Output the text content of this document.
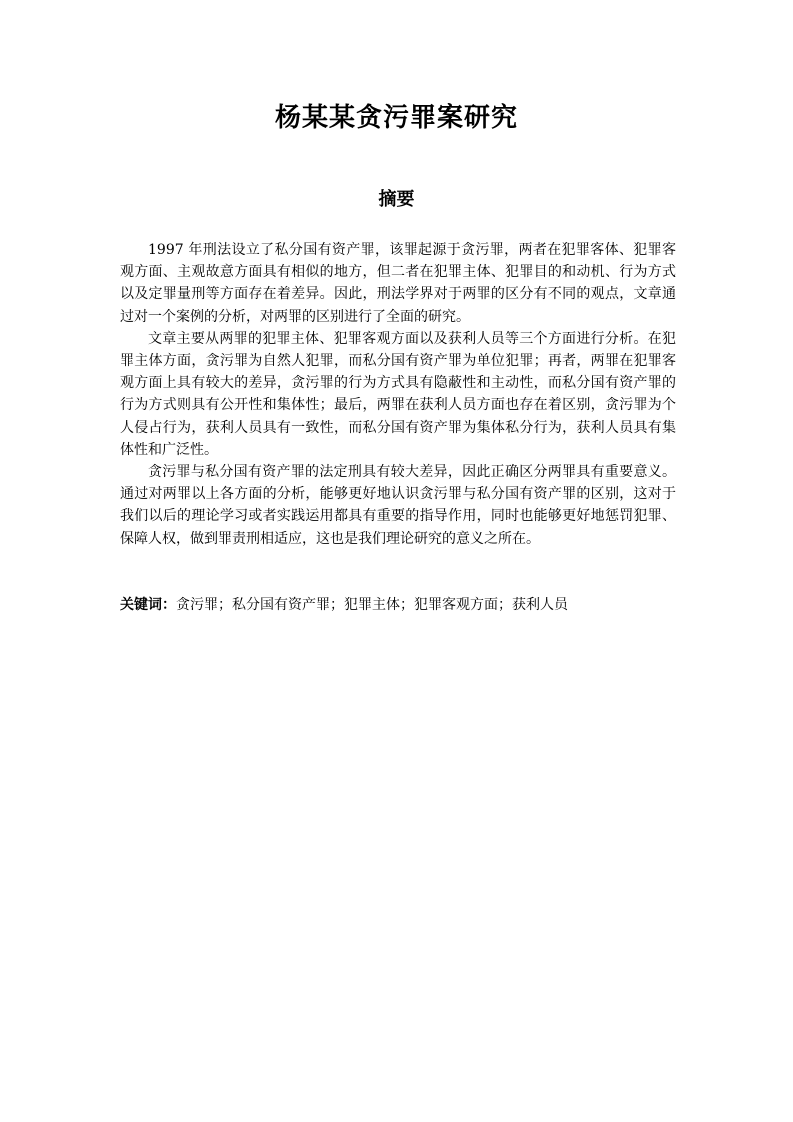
杨某某贪污罪案研究
摘要

1997 年刑法设立了私分国有资产罪，该罪起源于贪污罪，两者在犯罪客体、犯罪客观方面、主观故意方面具有相似的地方，但二者在犯罪主体、犯罪目的和动机、行为方式以及定罪量刑等方面存在着差异。因此，刑法学界对于两罪的区分有不同的观点，文章通过对一个案例的分析，对两罪的区别进行了全面的研究。

文章主要从两罪的犯罪主体、犯罪客观方面以及获利人员等三个方面进行分析。在犯罪主体方面，贪污罪为自然人犯罪，而私分国有资产罪为单位犯罪；再者，两罪在犯罪客观方面上具有较大的差异，贪污罪的行为方式具有隐蔽性和主动性，而私分国有资产罪的行为方式则具有公开性和集体性；最后，两罪在获利人员方面也存在着区别，贪污罪为个人侵占行为，获利人员具有一致性，而私分国有资产罪为集体私分行为，获利人员具有集体性和广泛性。

贪污罪与私分国有资产罪的法定刑具有较大差异，因此正确区分两罪具有重要意义。通过对两罪以上各方面的分析，能够更好地认识贪污罪与私分国有资产罪的区别，这对于我们以后的理论学习或者实践运用都具有重要的指导作用，同时也能够更好地惩罚犯罪、保障人权，做到罪责刑相适应，这也是我们理论研究的意义之所在。

关键词：贪污罪；私分国有资产罪；犯罪主体；犯罪客观方面；获利人员
